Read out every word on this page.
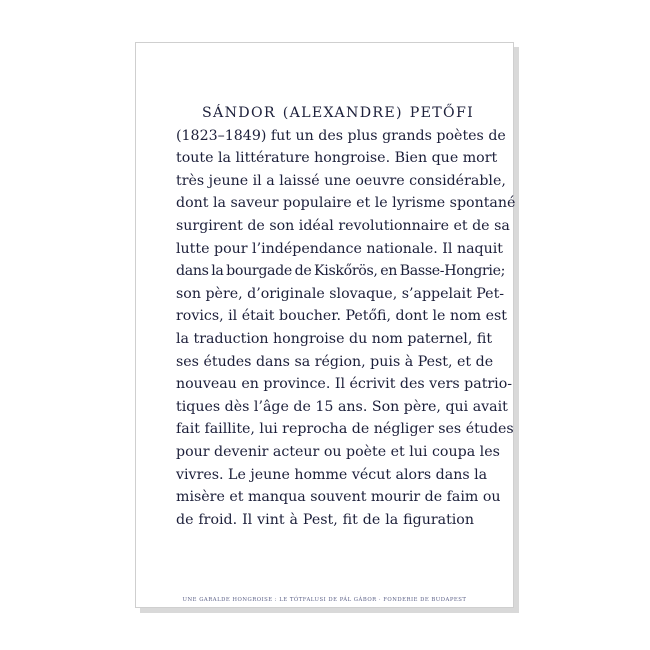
SÁNDOR (ALEXANDRE) PETŐFI
(1823–1849) fut un des plus grands poètes de
toute la littérature hongroise. Bien que mort
très jeune il a laissé une oeuvre considérable,
dont la saveur populaire et le lyrisme spontané
surgirent de son idéal revolutionnaire et de sa
lutte pour l’indépendance nationale. Il naquit
dans la bourgade de Kiskőrös, en Basse-Hongrie;
son père, d’originale slovaque, s’appelait Pet-
rovics, il était boucher. Petőfi, dont le nom est
la traduction hongroise du nom paternel, fit
ses études dans sa région, puis à Pest, et de
nouveau en province. Il écrivit des vers patrio-
tiques dès l’âge de 15 ans. Son père, qui avait
fait faillite, lui reprocha de négliger ses études
pour devenir acteur ou poète et lui coupa les
vivres. Le jeune homme vécut alors dans la
misère et manqua souvent mourir de faim ou
de froid. Il vint à Pest, fit de la figuration
UNE GARALDE HONGROISE : LE TÓTFALUSI DE PÁL GÁBOR · FONDERIE DE BUDAPEST
